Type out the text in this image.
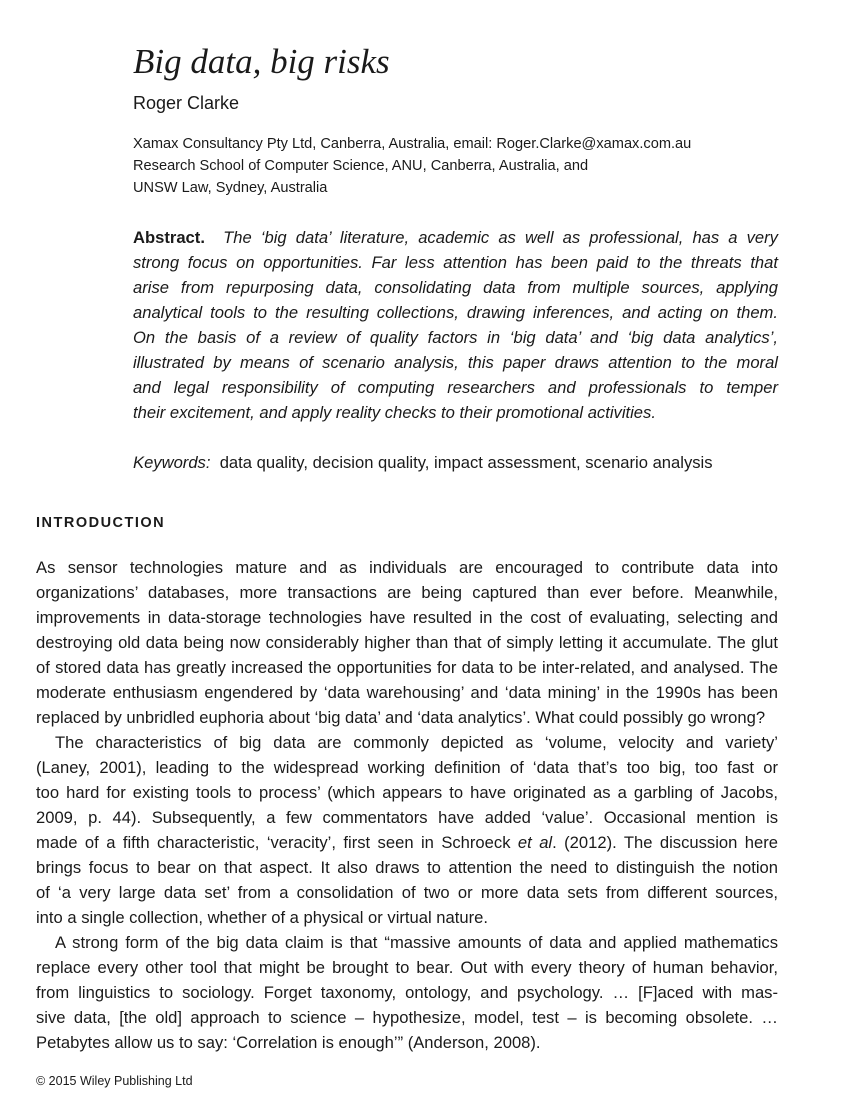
Big data, big risks
Roger Clarke
Xamax Consultancy Pty Ltd, Canberra, Australia, email: Roger.Clarke@xamax.com.au
Research School of Computer Science, ANU, Canberra, Australia, and
UNSW Law, Sydney, Australia
Abstract. The ‘big data’ literature, academic as well as professional, has a very
strong focus on opportunities. Far less attention has been paid to the threats that
arise from repurposing data, consolidating data from multiple sources, applying
analytical tools to the resulting collections, drawing inferences, and acting on them.
On the basis of a review of quality factors in ‘big data’ and ‘big data analytics’,
illustrated by means of scenario analysis, this paper draws attention to the moral
and legal responsibility of computing researchers and professionals to temper
their excitement, and apply reality checks to their promotional activities.
Keywords: data quality, decision quality, impact assessment, scenario analysis
INTRODUCTION
As sensor technologies mature and as individuals are encouraged to contribute data into
organizations’ databases, more transactions are being captured than ever before. Meanwhile,
improvements in data-storage technologies have resulted in the cost of evaluating, selecting and
destroying old data being now considerably higher than that of simply letting it accumulate. The glut
of stored data has greatly increased the opportunities for data to be inter-related, and analysed. The
moderate enthusiasm engendered by ‘data warehousing’ and ‘data mining’ in the 1990s has been
replaced by unbridled euphoria about ‘big data’ and ‘data analytics’. What could possibly go wrong?
The characteristics of big data are commonly depicted as ‘volume, velocity and variety’
(Laney, 2001), leading to the widespread working definition of ‘data that’s too big, too fast or
too hard for existing tools to process’ (which appears to have originated as a garbling of Jacobs,
2009, p. 44). Subsequently, a few commentators have added ‘value’. Occasional mention is
made of a fifth characteristic, ‘veracity’, first seen in Schroeck et al. (2012). The discussion here
brings focus to bear on that aspect. It also draws to attention the need to distinguish the notion
of ‘a very large data set’ from a consolidation of two or more data sets from different sources,
into a single collection, whether of a physical or virtual nature.
A strong form of the big data claim is that “massive amounts of data and applied mathematics
replace every other tool that might be brought to bear. Out with every theory of human behavior,
from linguistics to sociology. Forget taxonomy, ontology, and psychology. … [F]aced with mas-
sive data, [the old] approach to science – hypothesize, model, test – is becoming obsolete. …
Petabytes allow us to say: ‘Correlation is enough’” (Anderson, 2008).
© 2015 Wiley Publishing Ltd
